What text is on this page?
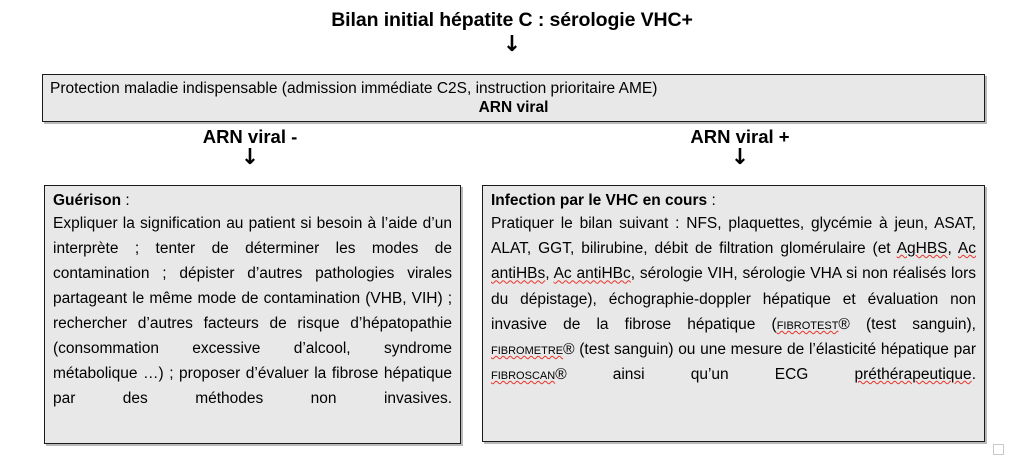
Bilan initial hépatite C : sérologie VHC+
↓
Protection maladie indispensable (admission immédiate C2S, instruction prioritaire AME)
ARN viral
ARN viral -
↓
ARN viral +
↓
Guérison :
Expliquer la signification au patient si besoin à l’aide d’un interprète ; tenter de déterminer les modes de contamination ; dépister d’autres pathologies virales partageant le même mode de contamination (VHB, VIH) ; rechercher d’autres facteurs de risque d’hépatopathie (consommation excessive d’alcool, syndrome métabolique …) ; proposer d’évaluer la fibrose hépatique par des méthodes non invasives.
Infection par le VHC en cours :
Pratiquer le bilan suivant : NFS, plaquettes, glycémie à jeun, ASAT, ALAT, GGT, bilirubine, débit de filtration glomérulaire (et AgHBS, Ac antiHBs, Ac antiHBc, sérologie VIH, sérologie VHA si non réalisés lors du dépistage), échographie-doppler hépatique et évaluation non invasive de la fibrose hépatique (fibrotest® (test sanguin), fibrometre® (test sanguin) ou une mesure de l’élasticité hépatique par fibroscan® ainsi qu’un ECG préthérapeutique.
